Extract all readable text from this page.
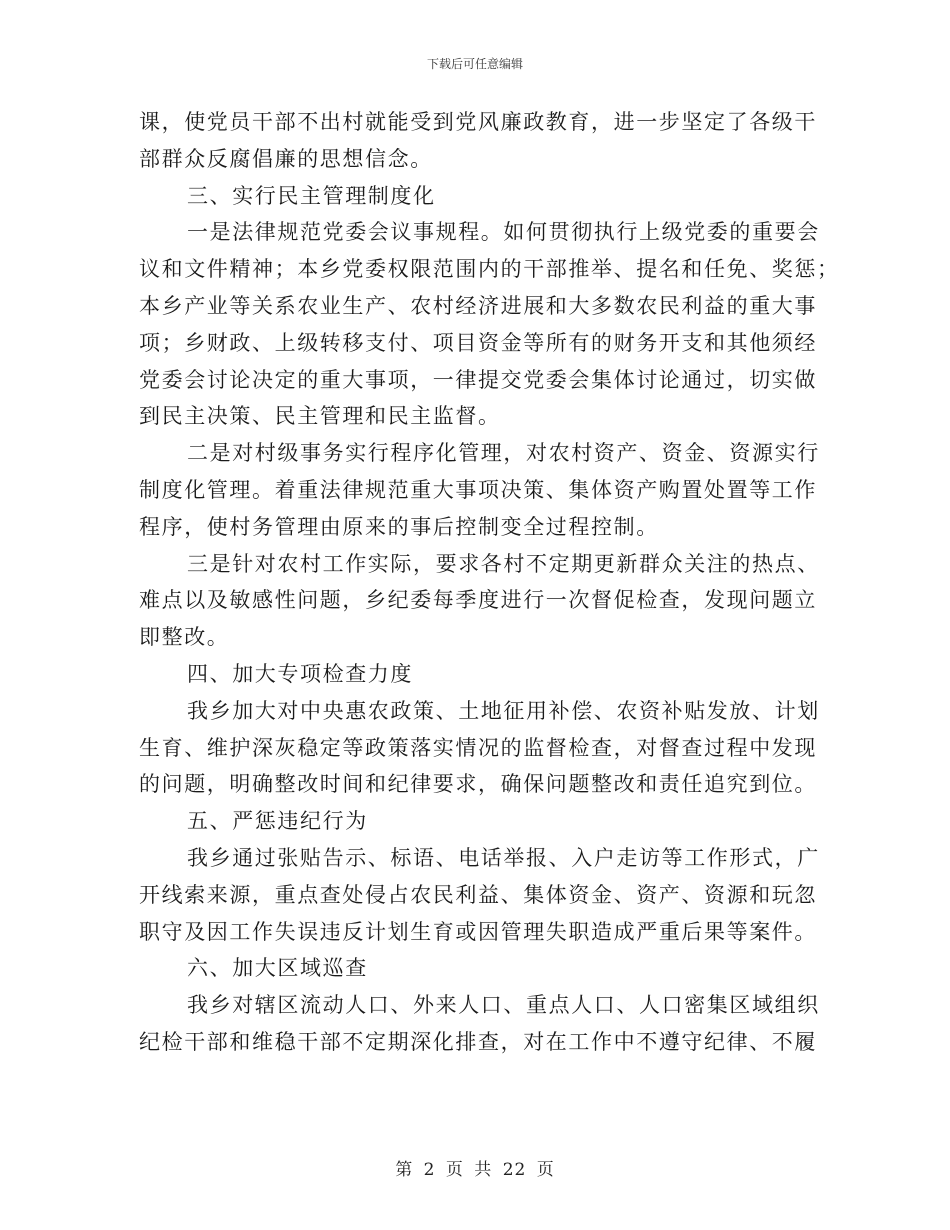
下载后可任意编辑
课，使党员干部不出村就能受到党风廉政教育，进一步坚定了各级干
部群众反腐倡廉的思想信念。
三、实行民主管理制度化
一是法律规范党委会议事规程。如何贯彻执行上级党委的重要会
议和文件精神；本乡党委权限范围内的干部推举、提名和任免、奖惩；
本乡产业等关系农业生产、农村经济进展和大多数农民利益的重大事
项；乡财政、上级转移支付、项目资金等所有的财务开支和其他须经
党委会讨论决定的重大事项，一律提交党委会集体讨论通过，切实做
到民主决策、民主管理和民主监督。
二是对村级事务实行程序化管理，对农村资产、资金、资源实行
制度化管理。着重法律规范重大事项决策、集体资产购置处置等工作
程序，使村务管理由原来的事后控制变全过程控制。
三是针对农村工作实际，要求各村不定期更新群众关注的热点、
难点以及敏感性问题，乡纪委每季度进行一次督促检查，发现问题立
即整改。
四、加大专项检查力度
我乡加大对中央惠农政策、土地征用补偿、农资补贴发放、计划
生育、维护深灰稳定等政策落实情况的监督检查，对督查过程中发现
的问题，明确整改时间和纪律要求，确保问题整改和责任追究到位。
五、严惩违纪行为
我乡通过张贴告示、标语、电话举报、入户走访等工作形式，广
开线索来源，重点查处侵占农民利益、集体资金、资产、资源和玩忽
职守及因工作失误违反计划生育或因管理失职造成严重后果等案件。
六、加大区域巡查
我乡对辖区流动人口、外来人口、重点人口、人口密集区域组织
纪检干部和维稳干部不定期深化排查，对在工作中不遵守纪律、不履
第 2 页 共 22 页
